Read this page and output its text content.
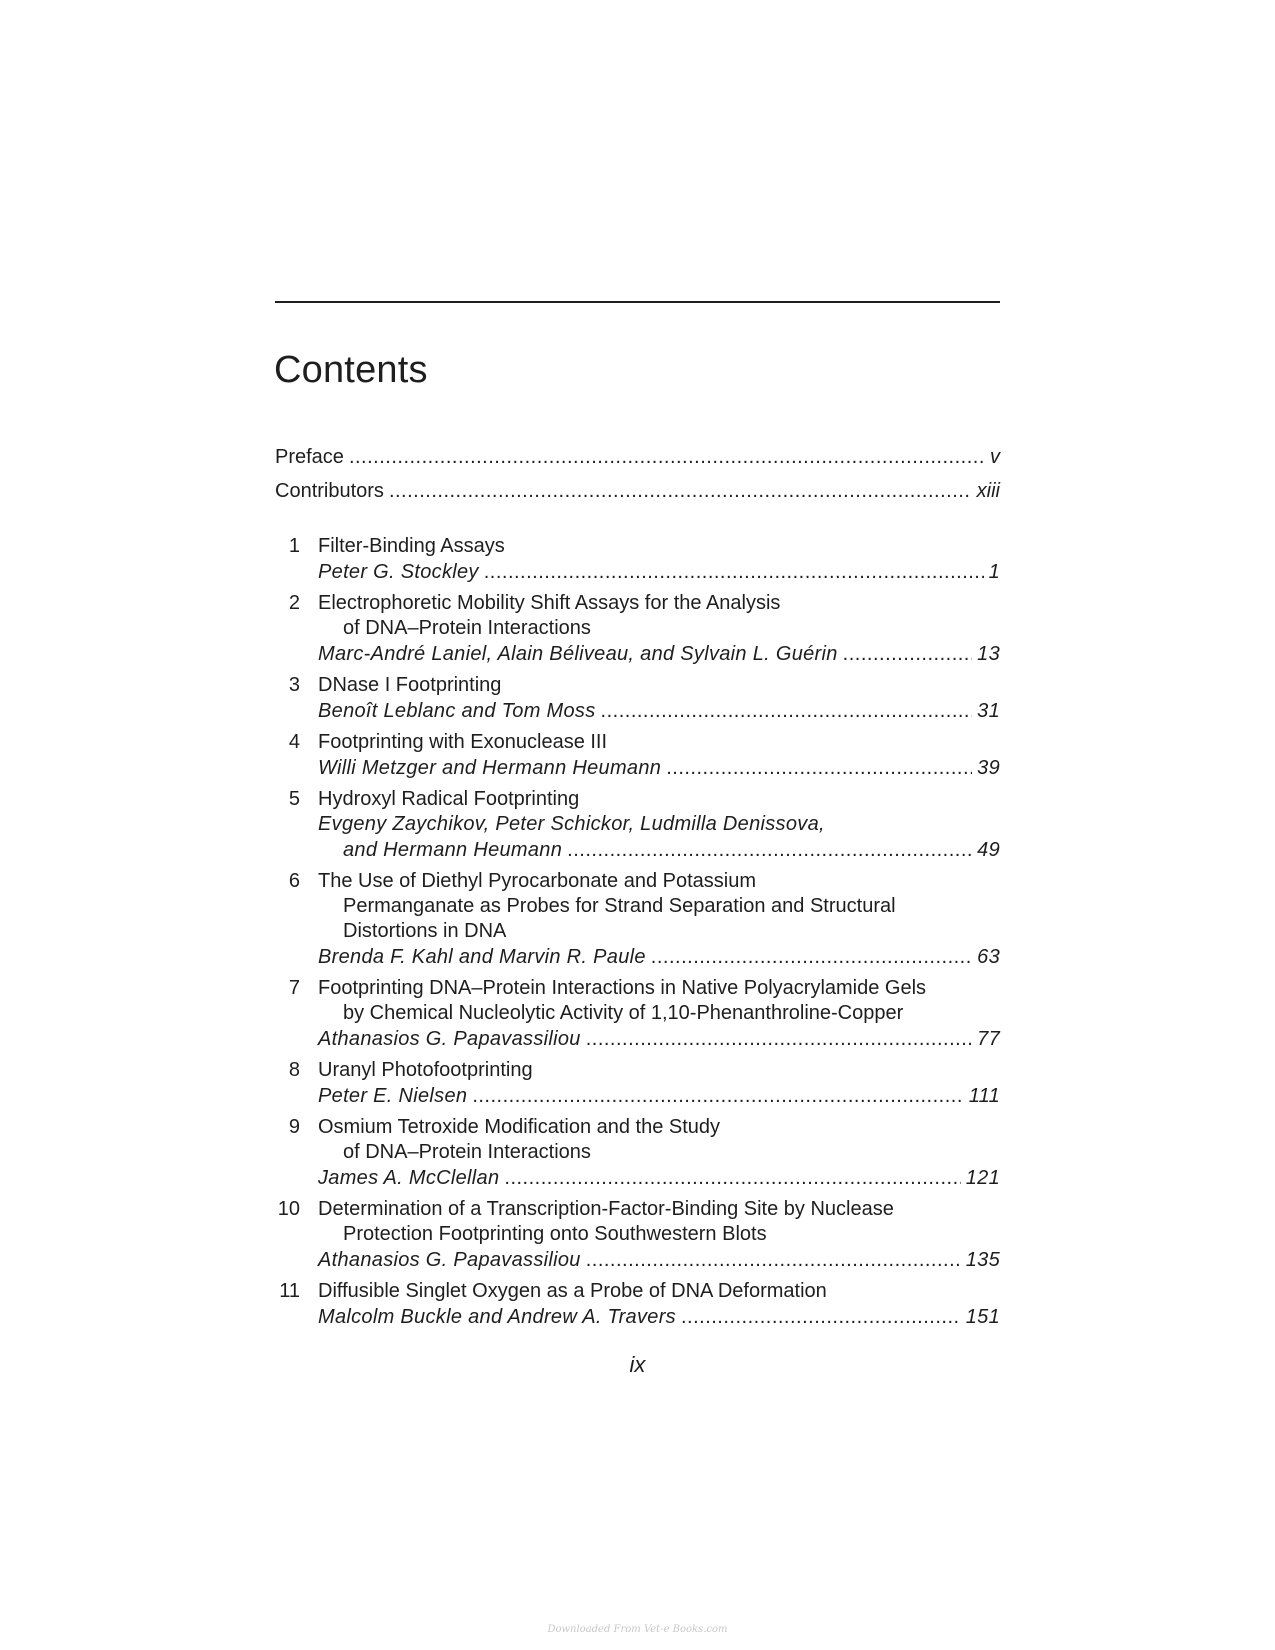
Contents
Preface .....	v
Contributors .....	xiii
1 Filter-Binding Assays
Peter G. Stockley .....	1
2 Electrophoretic Mobility Shift Assays for the Analysis
of DNA–Protein Interactions
Marc-André Laniel, Alain Béliveau, and Sylvain L. Guérin .....	13
3 DNase I Footprinting
Benoît Leblanc and Tom Moss .....	31
4 Footprinting with Exonuclease III
Willi Metzger and Hermann Heumann .....	39
5 Hydroxyl Radical Footprinting
Evgeny Zaychikov, Peter Schickor, Ludmilla Denissova,
and Hermann Heumann .....	49
6 The Use of Diethyl Pyrocarbonate and Potassium
Permanganate as Probes for Strand Separation and Structural
Distortions in DNA
Brenda F. Kahl and Marvin R. Paule .....	63
7 Footprinting DNA–Protein Interactions in Native Polyacrylamide Gels
by Chemical Nucleolytic Activity of 1,10-Phenanthroline-Copper
Athanasios G. Papavassiliou .....	77
8 Uranyl Photofootprinting
Peter E. Nielsen .....	111
9 Osmium Tetroxide Modification and the Study
of DNA–Protein Interactions
James A. McClellan .....	121
10 Determination of a Transcription-Factor-Binding Site by Nuclease
Protection Footprinting onto Southwestern Blots
Athanasios G. Papavassiliou .....	135
11 Diffusible Singlet Oxygen as a Probe of DNA Deformation
Malcolm Buckle and Andrew A. Travers .....	151
ix
Downloaded From Vet-e Books.com
